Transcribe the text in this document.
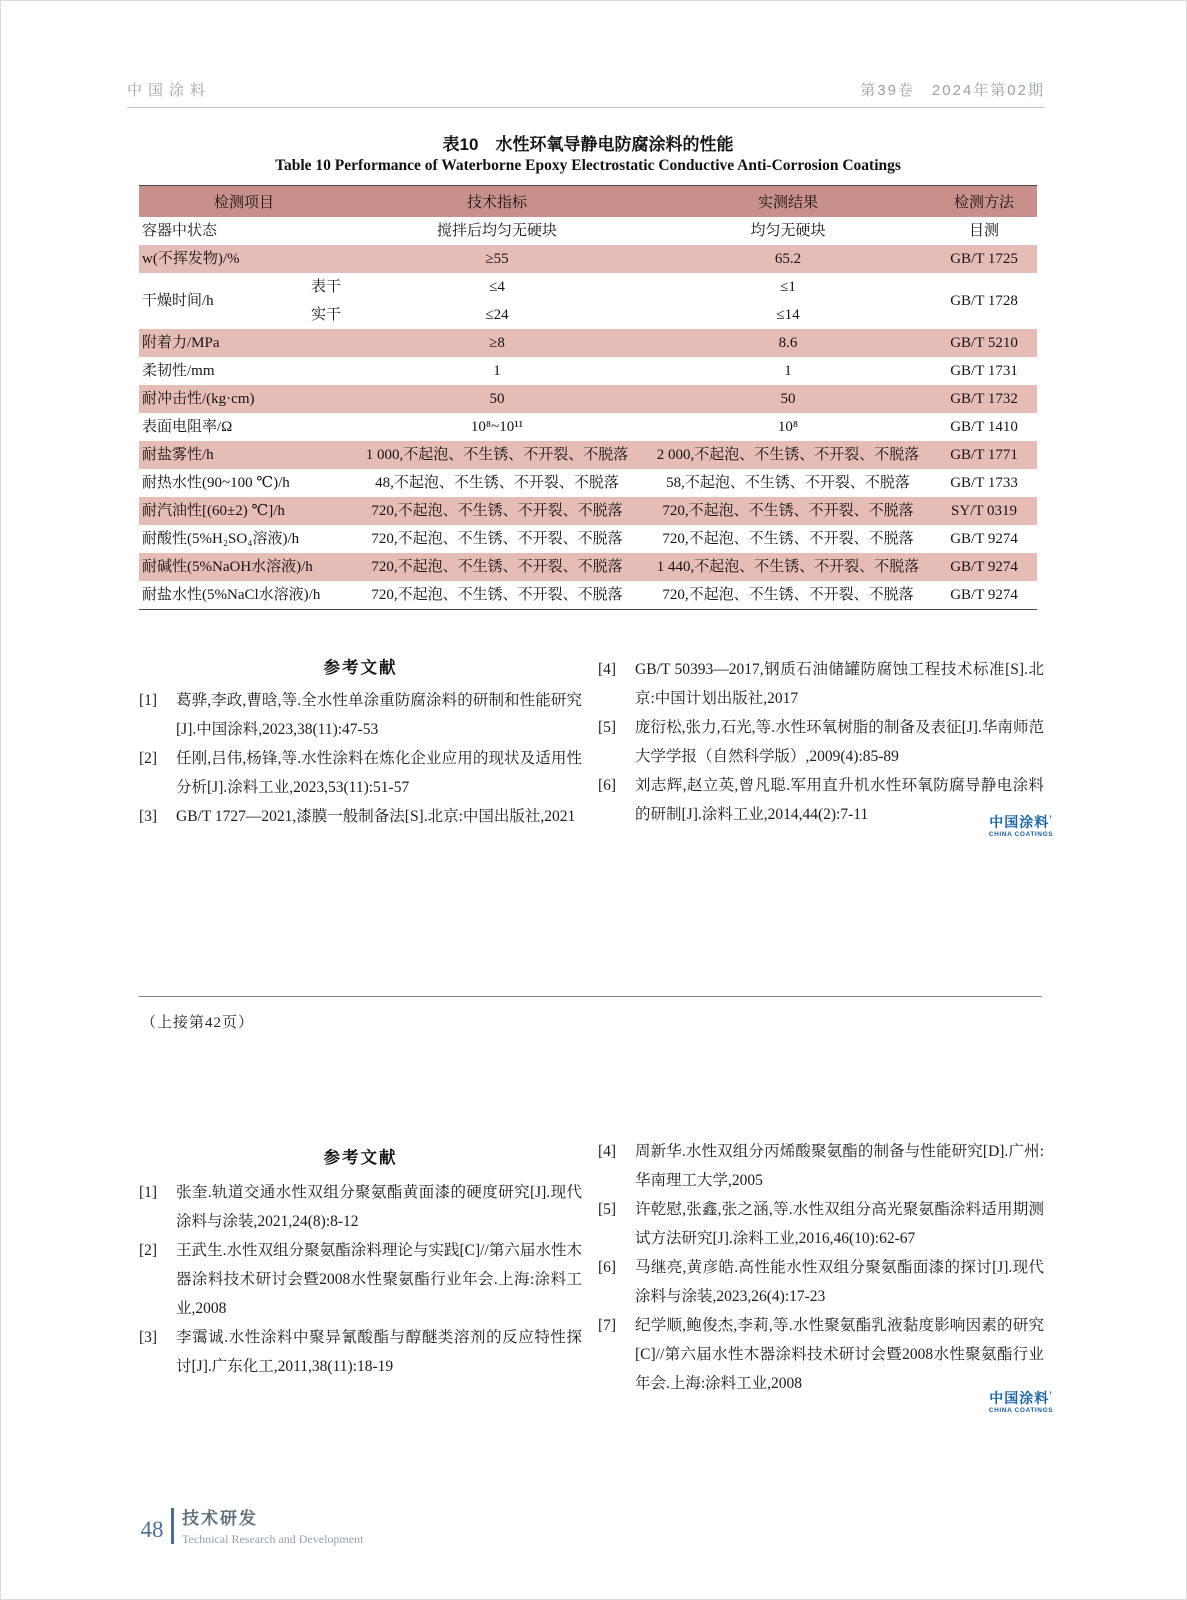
中国涂料	第39卷　2024年第02期
表10　水性环氧导静电防腐涂料的性能
Table 10 Performance of Waterborne Epoxy Electrostatic Conductive Anti-Corrosion Coatings
检测项目		技术指标	实测结果	检测方法
容器中状态		搅拌后均匀无硬块	均匀无硬块	目测
w(不挥发物)/%		≥55	65.2	GB/T 1725
干燥时间/h	表干	≤4	≤1	GB/T 1728
	实干	≤24	≤14	
附着力/MPa		≥8	8.6	GB/T 5210
柔韧性/mm		1	1	GB/T 1731
耐冲击性/(kg·cm)		50	50	GB/T 1732
表面电阻率/Ω		10⁸~10¹¹	10⁸	GB/T 1410
耐盐雾性/h		1 000,不起泡、不生锈、不开裂、不脱落	2 000,不起泡、不生锈、不开裂、不脱落	GB/T 1771
耐热水性(90~100 ℃)/h		48,不起泡、不生锈、不开裂、不脱落	58,不起泡、不生锈、不开裂、不脱落	GB/T 1733
耐汽油性[(60±2) ℃]/h		720,不起泡、不生锈、不开裂、不脱落	720,不起泡、不生锈、不开裂、不脱落	SY/T 0319
耐酸性(5%H₂SO₄溶液)/h		720,不起泡、不生锈、不开裂、不脱落	720,不起泡、不生锈、不开裂、不脱落	GB/T 9274
耐碱性(5%NaOH水溶液)/h		720,不起泡、不生锈、不开裂、不脱落	1 440,不起泡、不生锈、不开裂、不脱落	GB/T 9274
耐盐水性(5%NaCl水溶液)/h		720,不起泡、不生锈、不开裂、不脱落	720,不起泡、不生锈、不开裂、不脱落	GB/T 9274
参考文献
[1]	葛骅,李政,曹晗,等.全水性单涂重防腐涂料的研制和性能研究[J].中国涂料,2023,38(11):47-53
[2]	任刚,吕伟,杨锋,等.水性涂料在炼化企业应用的现状及适用性分析[J].涂料工业,2023,53(11):51-57
[3]	GB/T 1727—2021,漆膜一般制备法[S].北京:中国出版社,2021
[4]	GB/T 50393—2017,钢质石油储罐防腐蚀工程技术标准[S].北京:中国计划出版社,2017
[5]	庞衍松,张力,石光,等.水性环氧树脂的制备及表征[J].华南师范大学学报（自然科学版）,2009(4):85-89
[6]	刘志辉,赵立英,曾凡聪.军用直升机水性环氧防腐导静电涂料的研制[J].涂料工业,2014,44(2):7-11	中国涂料’
CHINA COATINGS
（上接第42页）
参考文献
[1]	张奎.轨道交通水性双组分聚氨酯黄面漆的硬度研究[J].现代涂料与涂装,2021,24(8):8-12
[2]	王武生.水性双组分聚氨酯涂料理论与实践[C]//第六届水性木器涂料技术研讨会暨2008水性聚氨酯行业年会.上海:涂料工业,2008
[3]	李霭诚.水性涂料中聚异氰酸酯与醇醚类溶剂的反应特性探讨[J].广东化工,2011,38(11):18-19
[4]	周新华.水性双组分丙烯酸聚氨酯的制备与性能研究[D].广州:华南理工大学,2005
[5]	许乾慰,张鑫,张之涵,等.水性双组分高光聚氨酯涂料适用期测试方法研究[J].涂料工业,2016,46(10):62-67
[6]	马继亮,黄彦皓.高性能水性双组分聚氨酯面漆的探讨[J].现代涂料与涂装,2023,26(4):17-23
[7]	纪学顺,鲍俊杰,李莉,等.水性聚氨酯乳液黏度影响因素的研究[C]//第六届水性木器涂料技术研讨会暨2008水性聚氨酯行业年会.上海:涂料工业,2008
中国涂料’
CHINA COATINGS
48 技术研发
Technical Research and Development
